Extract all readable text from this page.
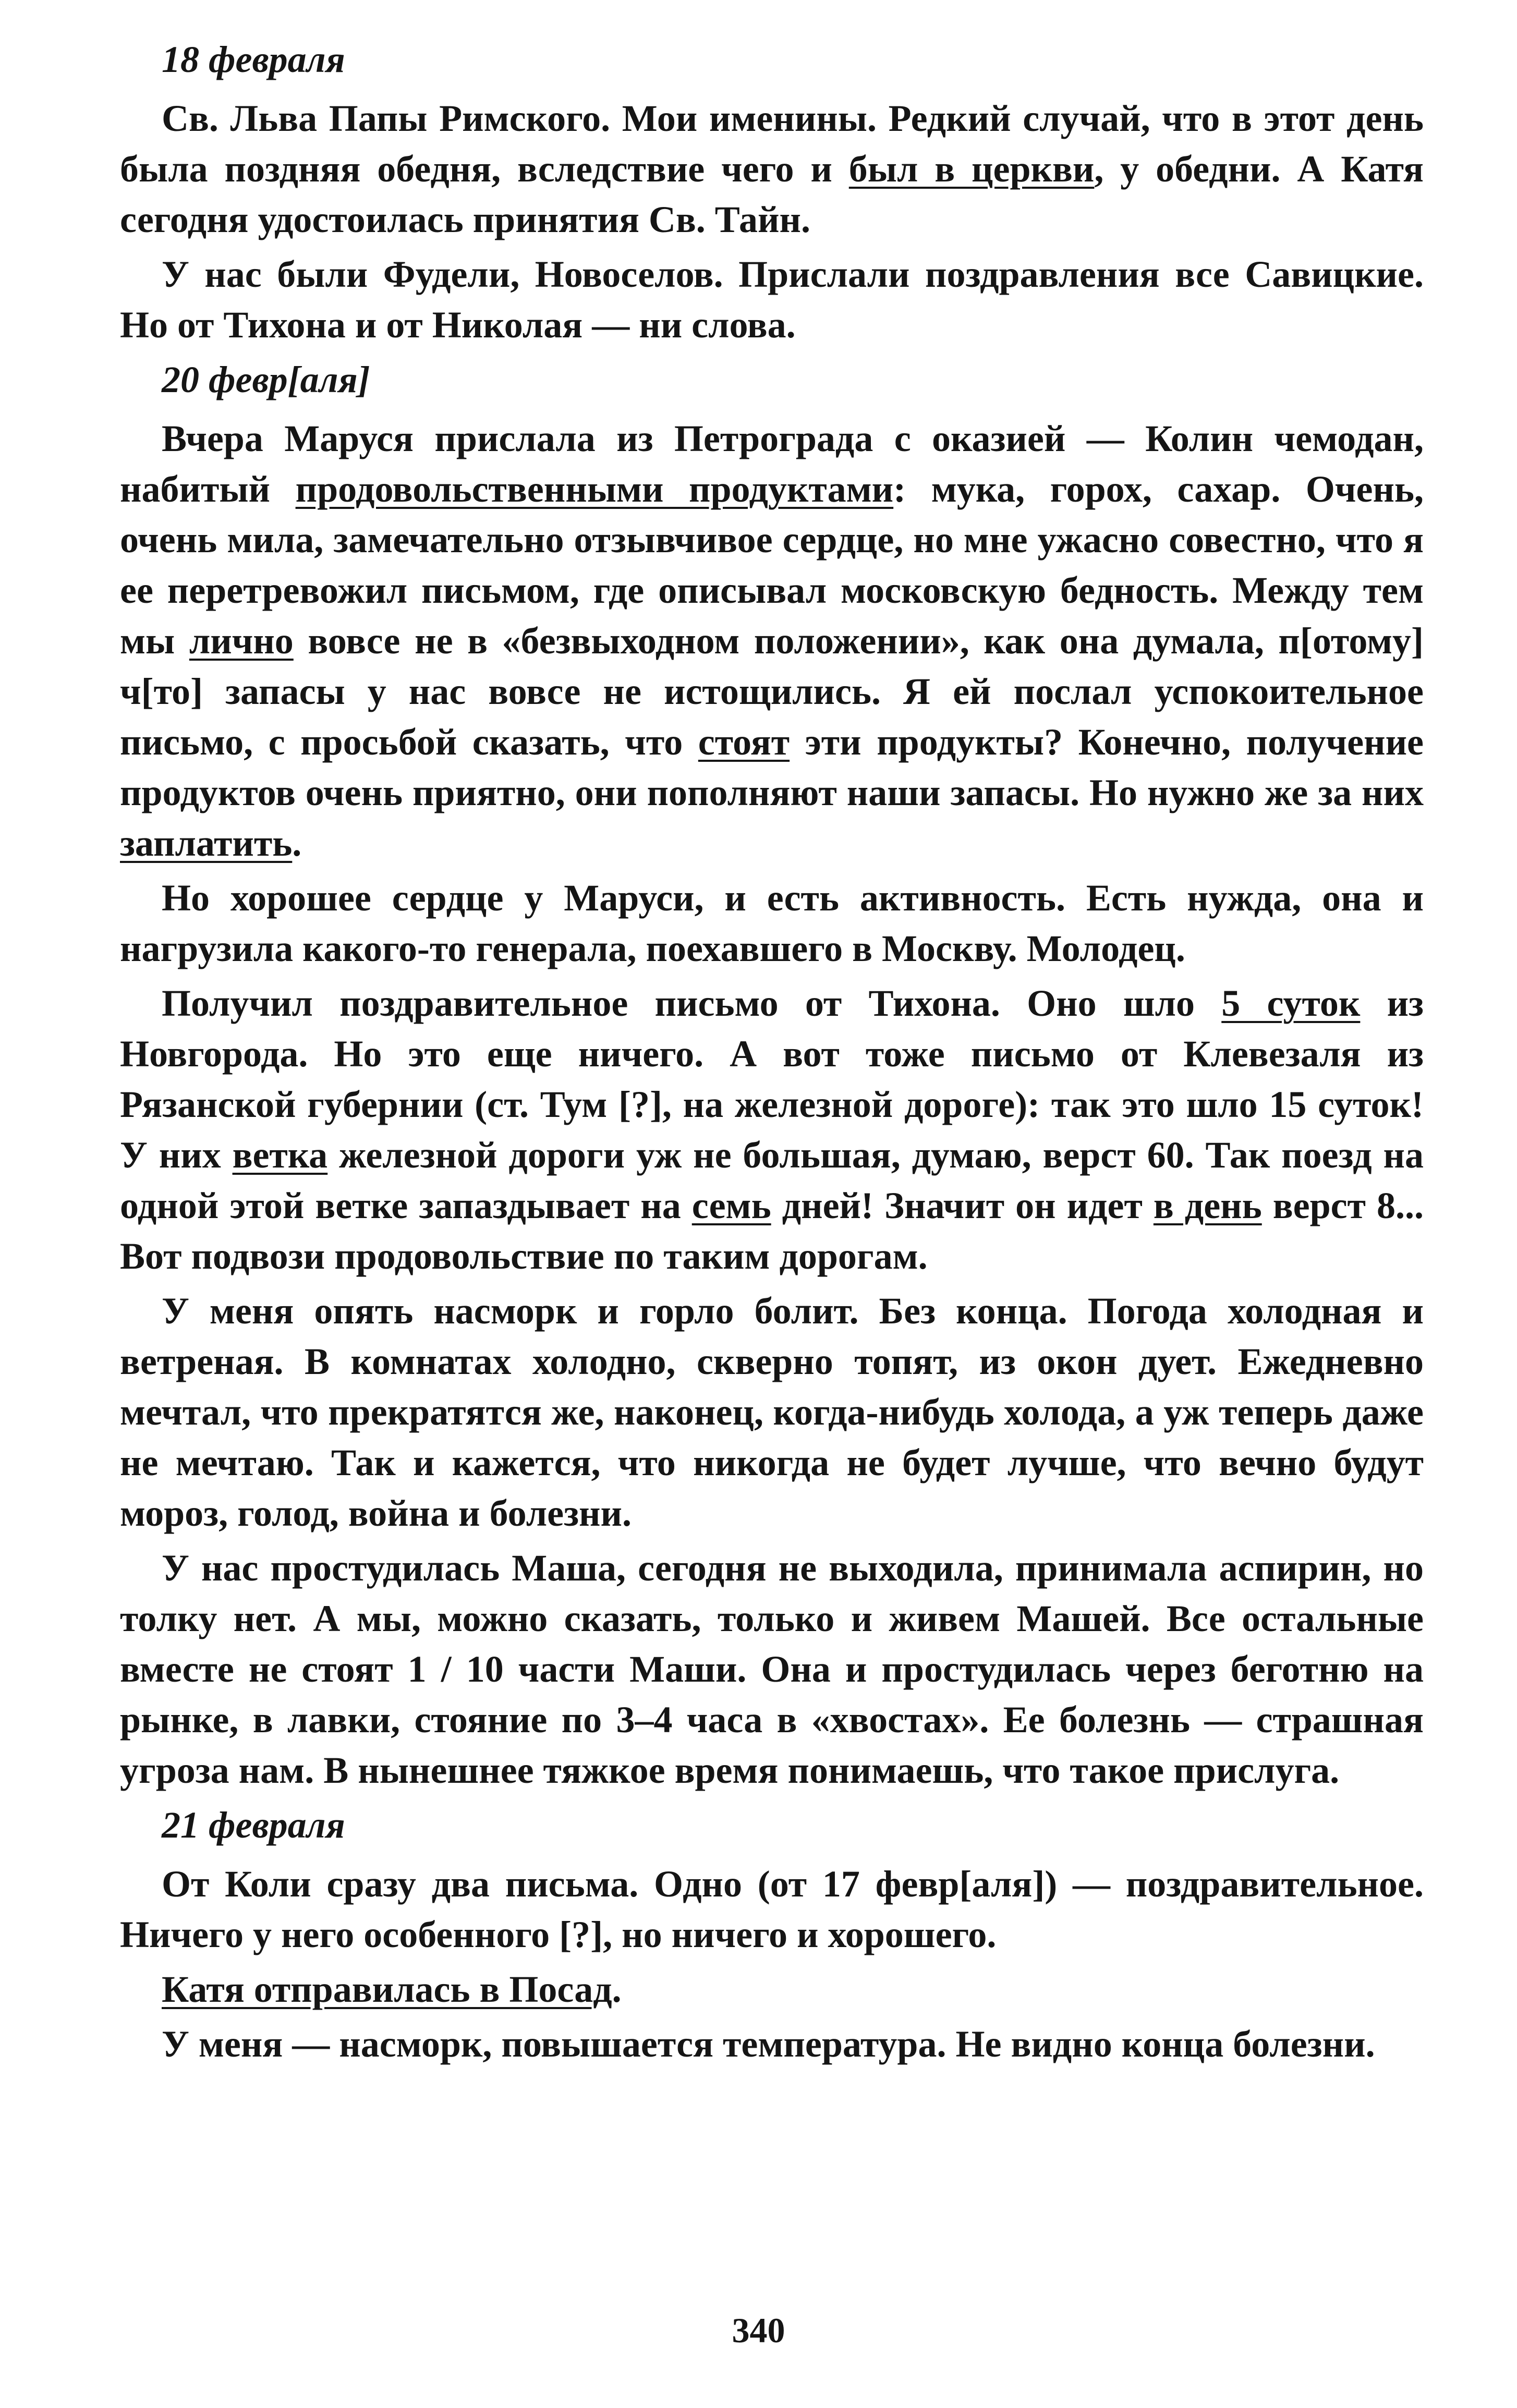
18 февраля

Св. Льва Папы Римского. Мои именины. Редкий случай, что в этот день была поздняя обедня, вследствие чего и был в церкви, у обедни. А Катя сегодня удостоилась принятия Св. Тайн.

У нас были Фудели, Новоселов. Прислали поздравления все Савицкие. Но от Тихона и от Николая — ни слова.

20 февр[аля]

Вчера Маруся прислала из Петрограда с оказией — Колин чемодан, набитый продовольственными продуктами: мука, горох, сахар. Очень, очень мила, замечательно отзывчивое сердце, но мне ужасно совестно, что я ее перетревожил письмом, где описывал московскую бедность. Между тем мы лично вовсе не в «безвыходном положении», как она думала, п[отому] ч[то] запасы у нас вовсе не истощились. Я ей послал успокоительное письмо, с просьбой сказать, что стоят эти продукты? Конечно, получение продуктов очень приятно, они пополняют наши запасы. Но нужно же за них заплатить.

Но хорошее сердце у Маруси, и есть активность. Есть нужда, она и нагрузила какого-то генерала, поехавшего в Москву. Молодец.

Получил поздравительное письмо от Тихона. Оно шло 5 суток из Новгорода. Но это еще ничего. А вот тоже письмо от Клевезаля из Рязанской губернии (ст. Тум [?], на железной дороге): так это шло 15 суток! У них ветка железной дороги уж не большая, думаю, верст 60. Так поезд на одной этой ветке запаздывает на семь дней! Значит он идет в день верст 8... Вот подвози продовольствие по таким дорогам.

У меня опять насморк и горло болит. Без конца. Погода холодная и ветреная. В комнатах холодно, скверно топят, из окон дует. Ежедневно мечтал, что прекратятся же, наконец, когда-нибудь холода, а уж теперь даже не мечтаю. Так и кажется, что никогда не будет лучше, что вечно будут мороз, голод, война и болезни.

У нас простудилась Маша, сегодня не выходила, принимала аспирин, но толку нет. А мы, можно сказать, только и живем Машей. Все остальные вместе не стоят 1 / 10 части Маши. Она и простудилась через беготню на рынке, в лавки, стояние по 3–4 часа в «хвостах». Ее болезнь — страшная угроза нам. В нынешнее тяжкое время понимаешь, что такое прислуга.

21 февраля

От Коли сразу два письма. Одно (от 17 февр[аля]) — поздравительное. Ничего у него особенного [?], но ничего и хорошего.

Катя отправилась в Посад.

У меня — насморк, повышается температура. Не видно конца болезни.

340
